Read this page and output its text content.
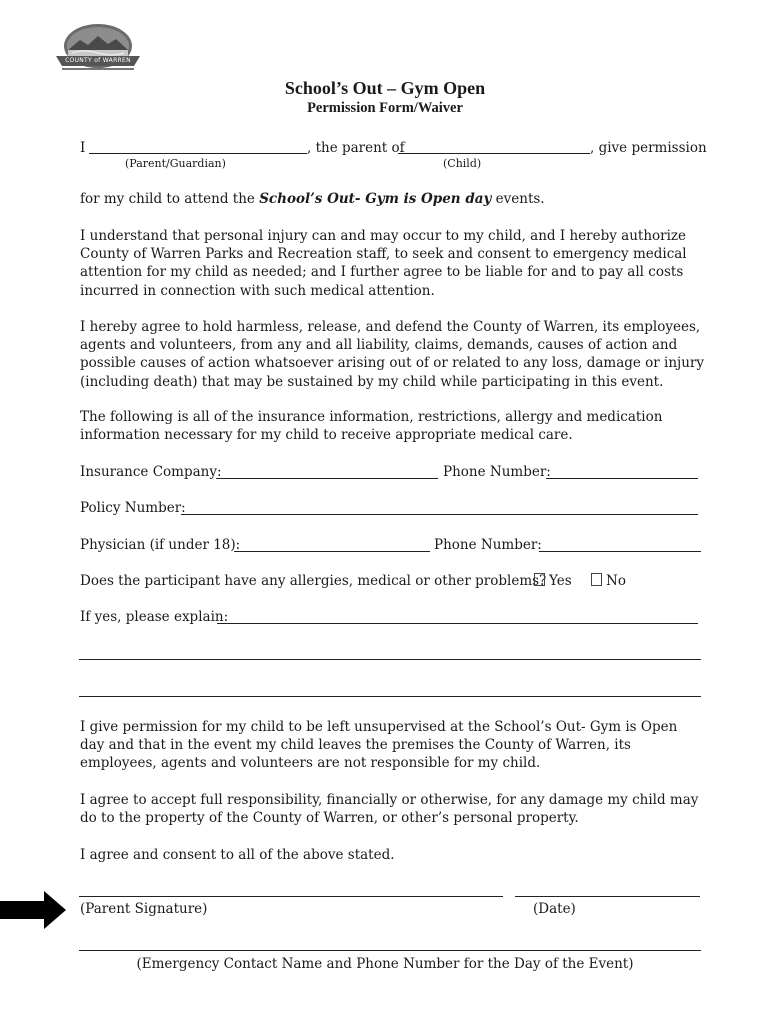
COUNTY of WARREN
School’s Out – Gym Open
Permission Form/Waiver
I	, the parent of	, give permission
(Parent/Guardian)	(Child)
for my child to attend the School’s Out- Gym is Open day events.
I understand that personal injury can and may occur to my child, and I hereby authorize County of Warren Parks and Recreation staff, to seek and consent to emergency medical attention for my child as needed; and I further agree to be liable for and to pay all costs incurred in connection with such medical attention.
I hereby agree to hold harmless, release, and defend the County of Warren, its employees, agents and volunteers, from any and all liability, claims, demands, causes of action and possible causes of action whatsoever arising out of or related to any loss, damage or injury (including death) that may be sustained by my child while participating in this event.
The following is all of the insurance information, restrictions, allergy and medication information necessary for my child to receive appropriate medical care.
Insurance Company:	Phone Number:
Policy Number:
Physician (if under 18):	Phone Number:
Does the participant have any allergies, medical or other problems? Yes	No
If yes, please explain:
I give permission for my child to be left unsupervised at the School’s Out- Gym is Open day and that in the event my child leaves the premises the County of Warren, its employees, agents and volunteers are not responsible for my child.
I agree to accept full responsibility, financially or otherwise, for any damage my child may do to the property of the County of Warren, or other’s personal property.
I agree and consent to all of the above stated.
(Parent Signature)	(Date)
(Emergency Contact Name and Phone Number for the Day of the Event)
